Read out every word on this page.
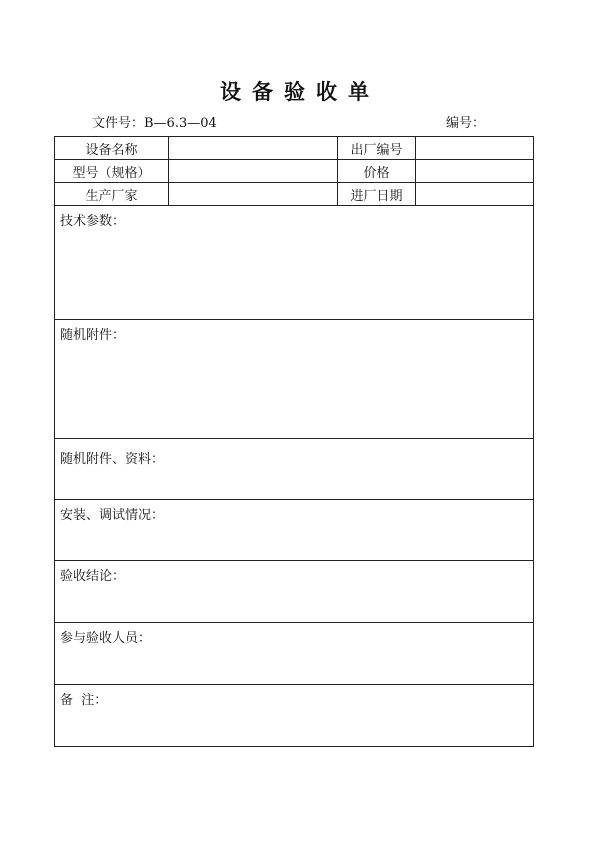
设备验收单
文件号：B—6.3—04	编号：
设备名称	出厂编号
型号（规格）	价格
生产厂家	进厂日期
技术参数：
随机附件：
随机附件、资料：
安装、调试情况：
验收结论：
参与验收人员：
备  注：
